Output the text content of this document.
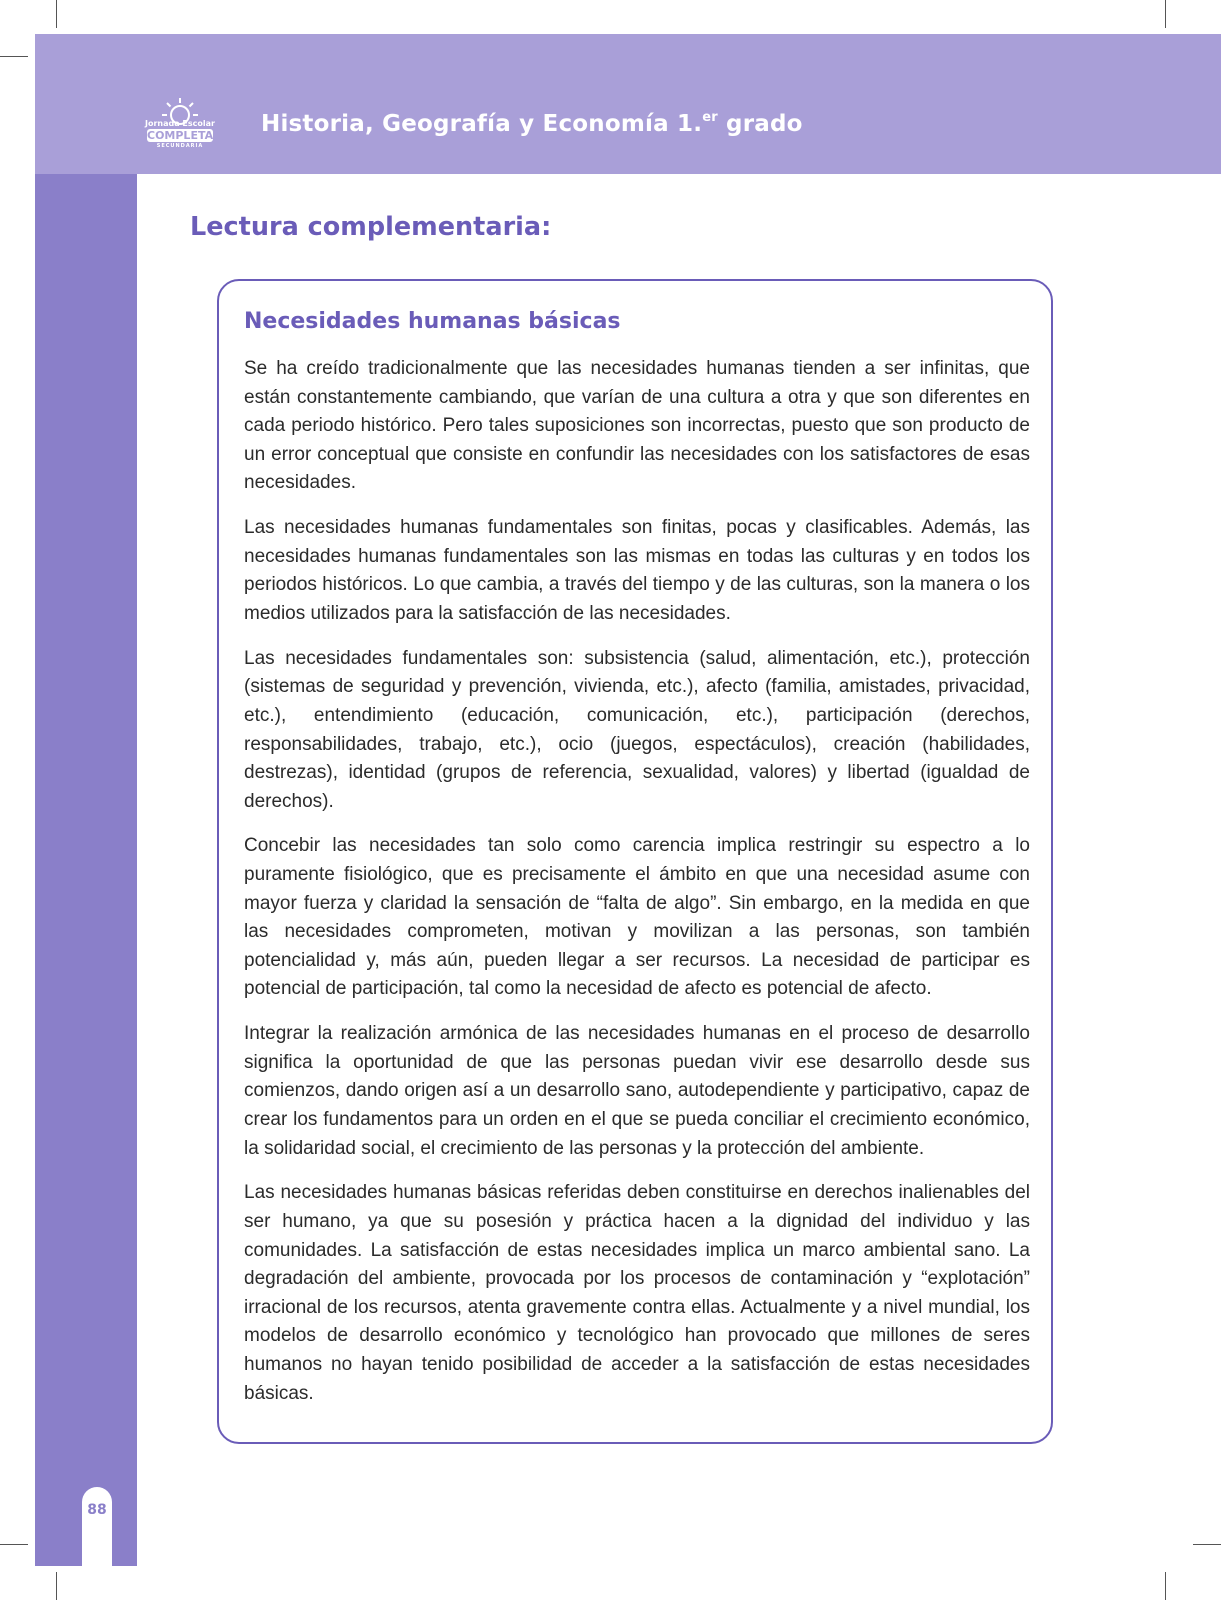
Jornada Escolar
COMPLETA
SECUNDARIA
Historia, Geografía y Economía 1.$^{er}$ grado
Lectura complementaria:
Necesidades humanas básicas

Se ha creído tradicionalmente que las necesidades humanas tienden a ser infinitas, que están constantemente cambiando, que varían de una cultura a otra y que son diferentes en cada periodo histórico. Pero tales suposiciones son incorrectas, puesto que son producto de un error conceptual que consiste en confundir las necesidades con los satisfactores de esas necesidades.

Las necesidades humanas fundamentales son finitas, pocas y clasificables. Además, las necesidades humanas fundamentales son las mismas en todas las culturas y en todos los periodos históricos. Lo que cambia, a través del tiempo y de las culturas, son la manera o los medios utilizados para la satisfacción de las necesidades.

Las necesidades fundamentales son: subsistencia (salud, alimentación, etc.), protección (sistemas de seguridad y prevención, vivienda, etc.), afecto (familia, amistades, privacidad, etc.), entendimiento (educación, comunicación, etc.), participación (derechos, responsabilidades, trabajo, etc.), ocio (juegos, espectáculos), creación (habilidades, destrezas), identidad (grupos de referencia, sexualidad, valores) y libertad (igualdad de derechos).

Concebir las necesidades tan solo como carencia implica restringir su espectro a lo puramente fisiológico, que es precisamente el ámbito en que una necesidad asume con mayor fuerza y claridad la sensación de “falta de algo”. Sin embargo, en la medida en que las necesidades comprometen, motivan y movilizan a las personas, son también potencialidad y, más aún, pueden llegar a ser recursos. La necesidad de participar es potencial de participación, tal como la necesidad de afecto es potencial de afecto.

Integrar la realización armónica de las necesidades humanas en el proceso de desarrollo significa la oportunidad de que las personas puedan vivir ese desarrollo desde sus comienzos, dando origen así a un desarrollo sano, autodependiente y participativo, capaz de crear los fundamentos para un orden en el que se pueda conciliar el crecimiento económico, la solidaridad social, el crecimiento de las personas y la protección del ambiente.

Las necesidades humanas básicas referidas deben constituirse en derechos inalienables del ser humano, ya que su posesión y práctica hacen a la dignidad del individuo y las comunidades. La satisfacción de estas necesidades implica un marco ambiental sano. La degradación del ambiente, provocada por los procesos de contaminación y “explotación” irracional de los recursos, atenta gravemente contra ellas. Actualmente y a nivel mundial, los modelos de desarrollo económico y tecnológico han provocado que millones de seres humanos no hayan tenido posibilidad de acceder a la satisfacción de estas necesidades básicas.

88
